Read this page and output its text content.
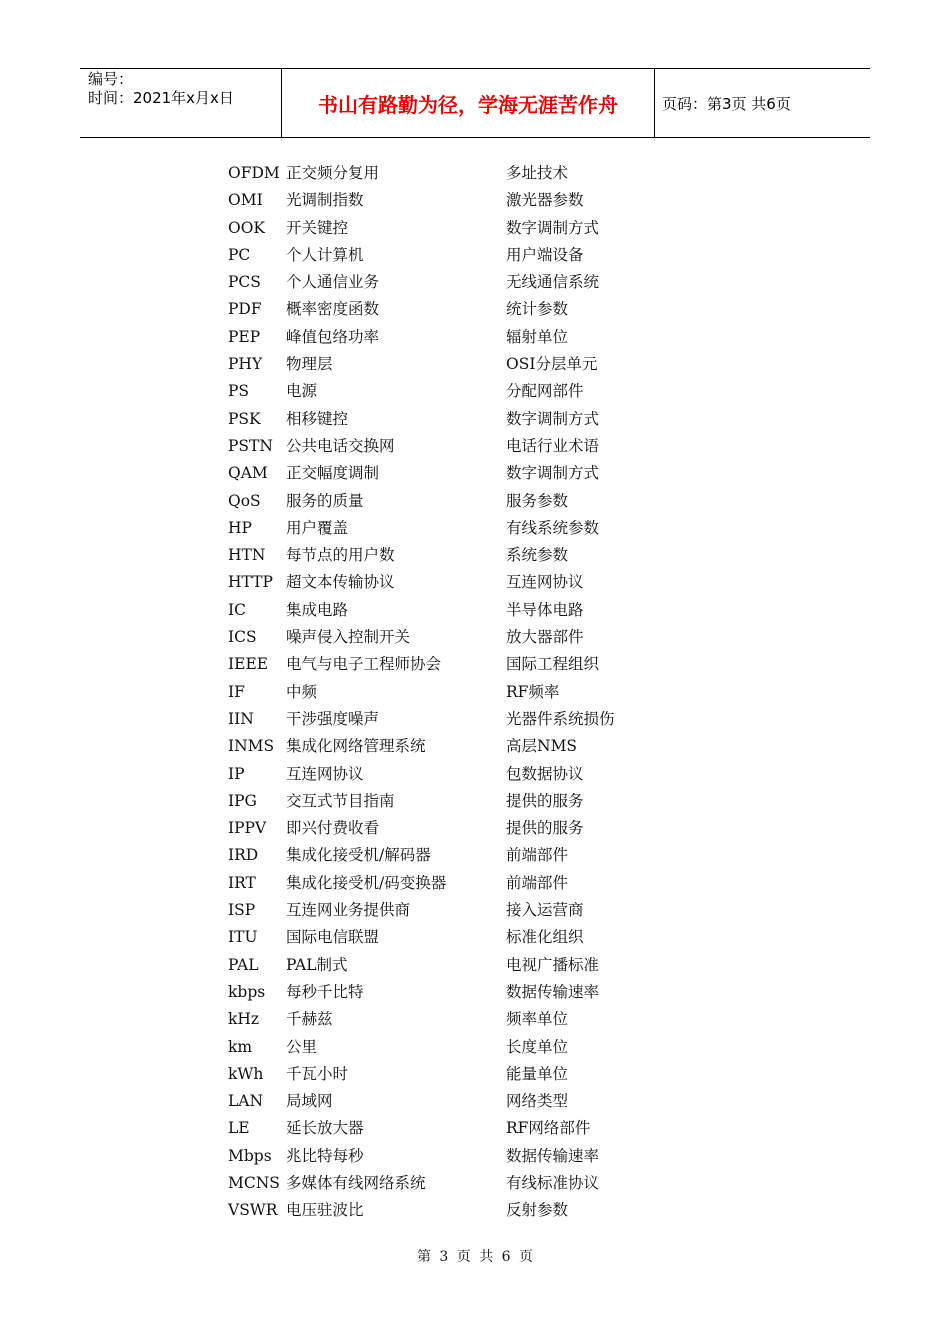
编号：
时间：2021年x月x日	书山有路勤为径，学海无涯苦作舟	页码：第3页 共6页
OFDM 正交频分复用	多址技术
OMI 光调制指数	激光器参数
OOK 开关键控	数字调制方式
PC 个人计算机	用户端设备
PCS 个人通信业务	无线通信系统
PDF 概率密度函数	统计参数
PEP 峰值包络功率	辐射单位
PHY 物理层	OSI分层单元
PS 电源	分配网部件
PSK 相移键控	数字调制方式
PSTN 公共电话交换网	电话行业术语
QAM 正交幅度调制	数字调制方式
QoS 服务的质量	服务参数
HP 用户覆盖	有线系统参数
HTN 每节点的用户数	系统参数
HTTP 超文本传输协议	互连网协议
IC	集成电路	半导体电路
ICS 噪声侵入控制开关	放大器部件
IEEE 电气与电子工程师协会	国际工程组织
IF	中频	RF频率
IIN 干涉强度噪声	光器件系统损伤
INMS 集成化网络管理系统	高层NMS
IP	互连网协议	包数据协议
IPG 交互式节目指南	提供的服务
IPPV 即兴付费收看	提供的服务
IRD 集成化接受机/解码器	前端部件
IRT 集成化接受机/码变换器	前端部件
ISP 互连网业务提供商	接入运营商
ITU 国际电信联盟	标准化组织
PAL PAL制式	电视广播标准
kbps 每秒千比特	数据传输速率
kHz 千赫兹	频率单位
km 公里	长度单位
kWh 千瓦小时	能量单位
LAN 局域网	网络类型
LE 延长放大器	RF网络部件
Mbps 兆比特每秒	数据传输速率
MCNS 多媒体有线网络系统	有线标准协议
VSWR 电压驻波比	反射参数
第 3 页 共 6 页
